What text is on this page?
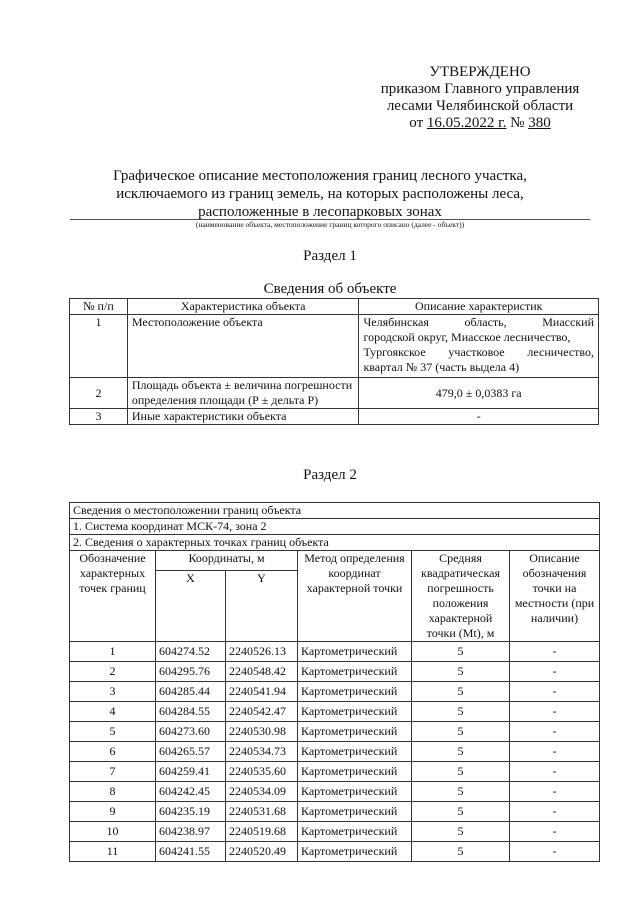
УТВЕРЖДЕНО
приказом Главного управления
лесами Челябинской области
от 16.05.2022 г. № 380
Графическое описание местоположения границ лесного участка,
исключаемого из границ земель, на которых расположены леса,
расположенные в лесопарковых зонах
(наименование объекта, местоположение границ которого описано (далее - объект))
Раздел 1
Сведения об объекте
№ п/п	Характеристика объекта	Описание характеристик
1	Местоположение объекта	Челябинская область, Миасский
городской округ, Миасское лесничество,
Тургоякское участковое лесничество,
квартал № 37 (часть выдела 4)

2	Площадь объекта ± величина погрешности определения площади (Р ± дельта Р)	479,0 ± 0,0383 га
3	Иные характеристики объекта	-
Раздел 2
Сведения о местоположении границ объекта					
1. Система координат МСК-74, зона 2					
2. Сведения о характерных точках границ объекта					
Обозначение характерных точек границ	Координаты, м		Метод определения координат характерной точки	Средняя квадратическая погрешность положения характерной точки (Mt), м	Описание обозначения точки на местности (при наличии)
	X	Y			
1	604274.52	2240526.13	Картометрический	5	-
2	604295.76	2240548.42	Картометрический	5	-
3	604285.44	2240541.94	Картометрический	5	-
4	604284.55	2240542.47	Картометрический	5	-
5	604273.60	2240530.98	Картометрический	5	-
6	604265.57	2240534.73	Картометрический	5	-
7	604259.41	2240535.60	Картометрический	5	-
8	604242.45	2240534.09	Картометрический	5	-
9	604235.19	2240531.68	Картометрический	5	-
10	604238.97	2240519.68	Картометрический	5	-
11	604241.55	2240520.49	Картометрический	5	-
